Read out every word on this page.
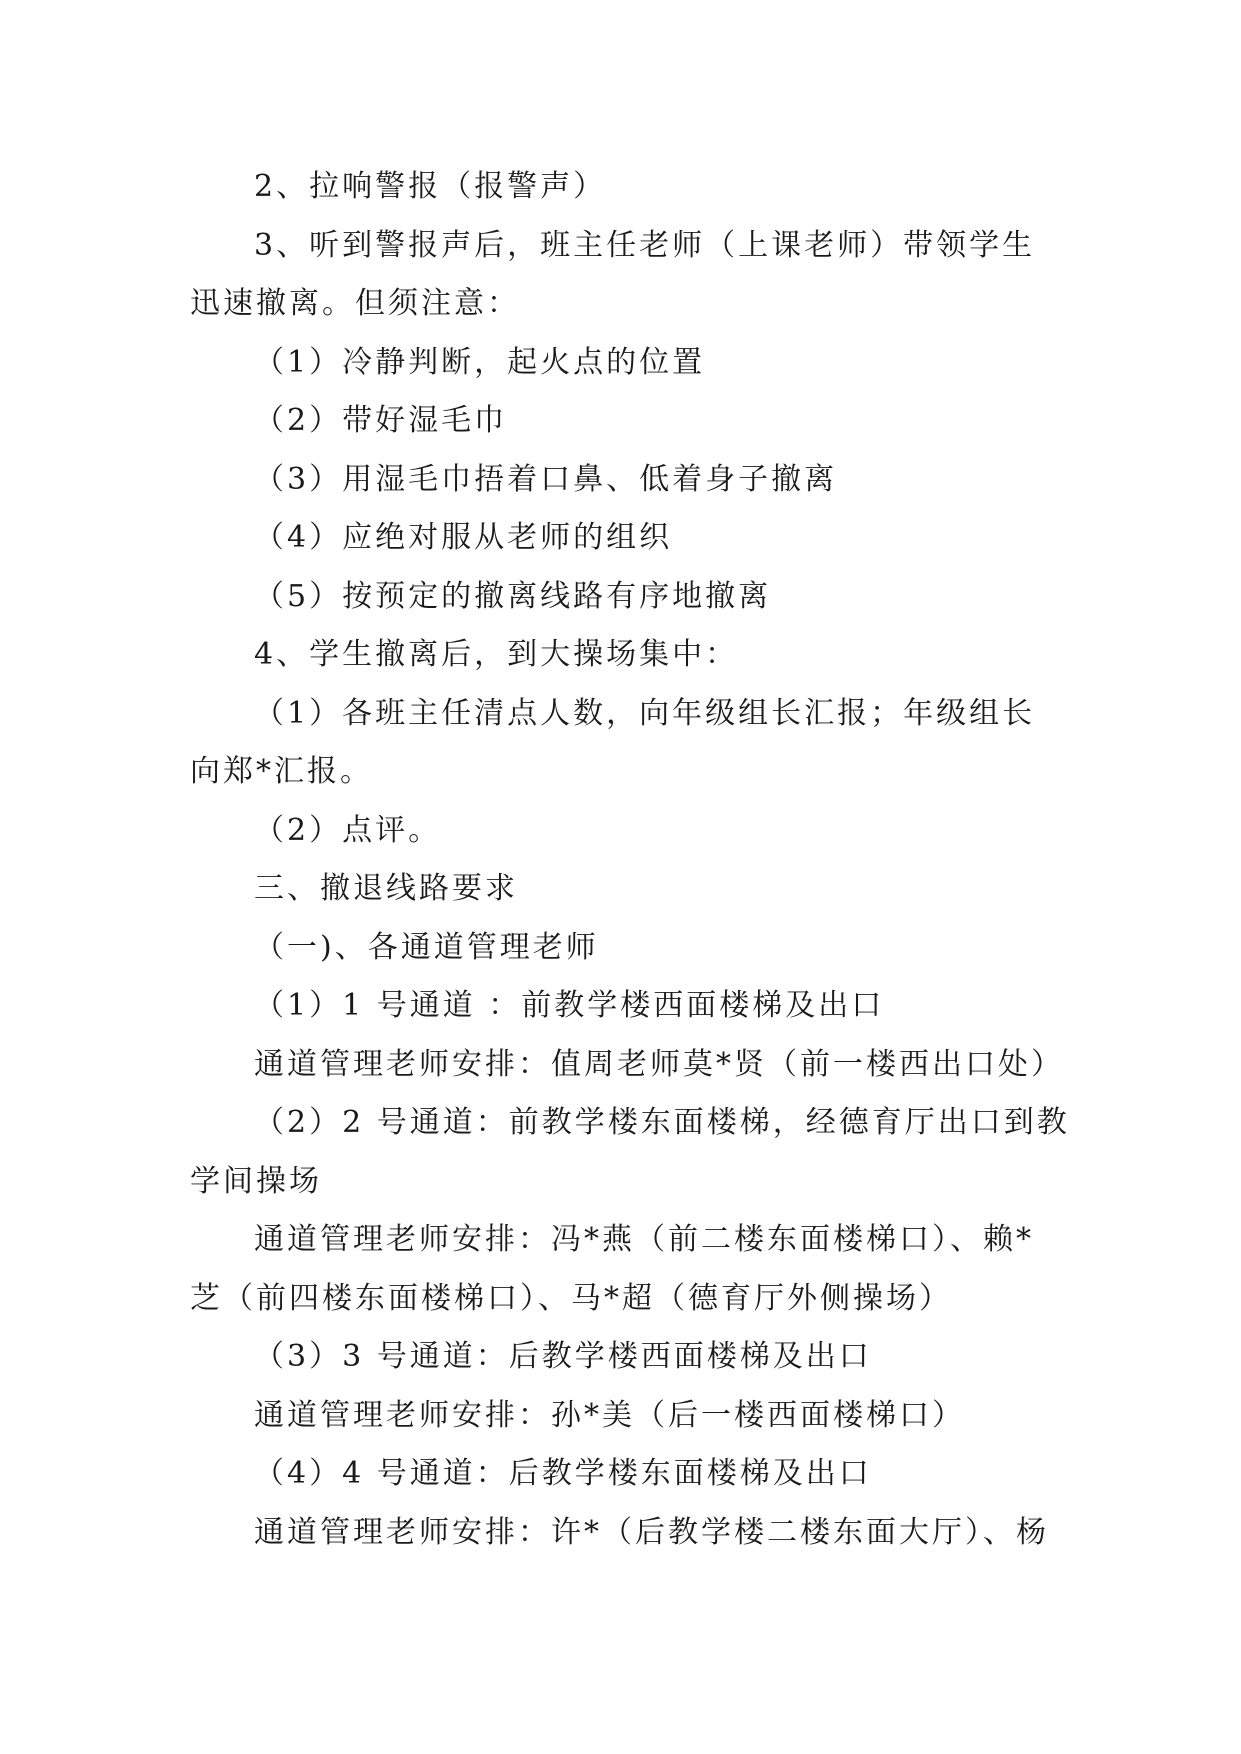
2、拉响警报（报警声）
3、听到警报声后，班主任老师（上课老师）带领学生
迅速撤离。但须注意：
（1）冷静判断，起火点的位置
（2）带好湿毛巾
（3）用湿毛巾捂着口鼻、低着身子撤离
（4）应绝对服从老师的组织
（5）按预定的撤离线路有序地撤离
4、学生撤离后，到大操场集中：
（1）各班主任清点人数，向年级组长汇报；年级组长
向郑*汇报。
（2）点评。
三、撤退线路要求
（一)、各通道管理老师
（1）1 号通道 ：前教学楼西面楼梯及出口
通道管理老师安排：值周老师莫*贤（前一楼西出口处）
（2）2 号通道：前教学楼东面楼梯，经德育厅出口到教
学间操场
通道管理老师安排：冯*燕（前二楼东面楼梯口）、赖*
芝（前四楼东面楼梯口）、马*超（德育厅外侧操场）
（3）3 号通道：后教学楼西面楼梯及出口
通道管理老师安排：孙*美（后一楼西面楼梯口）
（4）4 号通道：后教学楼东面楼梯及出口
通道管理老师安排：许*（后教学楼二楼东面大厅）、杨
